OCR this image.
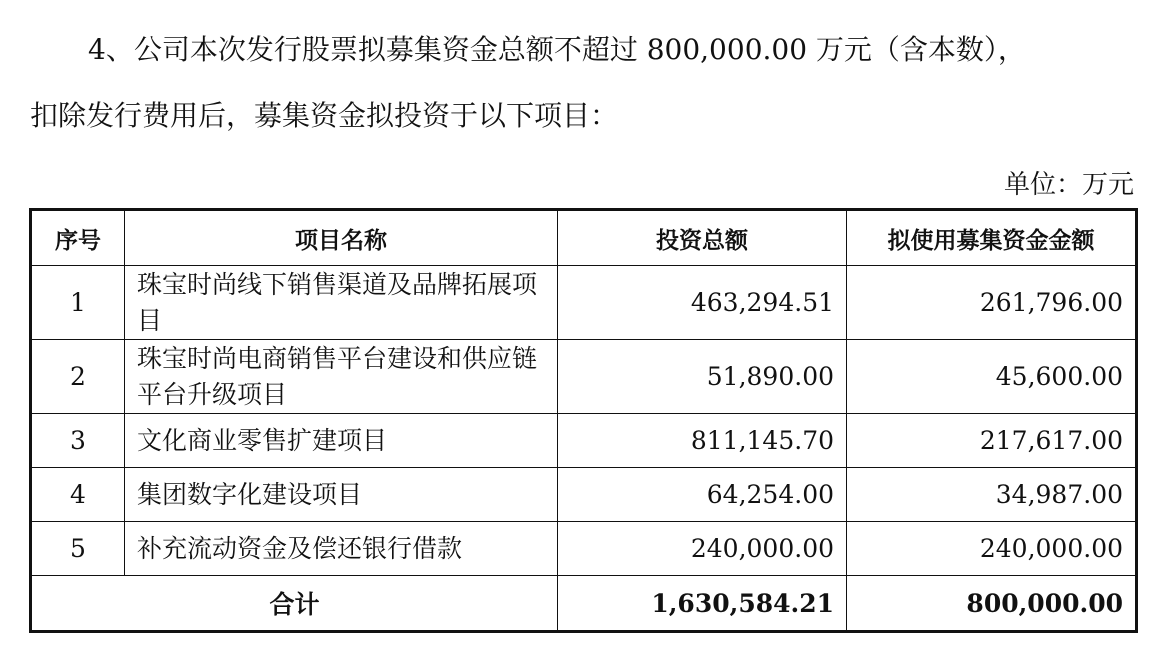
4、公司本次发行股票拟募集资金总额不超过 800,000.00 万元（含本数），
扣除发行费用后，募集资金拟投资于以下项目：
单位：万元
序号	项目名称	投资总额	拟使用募集资金金额
1	珠宝时尚线下销售渠道及品牌拓展项目	463,294.51	261,796.00
2	珠宝时尚电商销售平台建设和供应链平台升级项目	51,890.00	45,600.00
3	文化商业零售扩建项目	811,145.70	217,617.00
4	集团数字化建设项目	64,254.00	34,987.00
5	补充流动资金及偿还银行借款	240,000.00	240,000.00
合计		1,630,584.21	800,000.00
